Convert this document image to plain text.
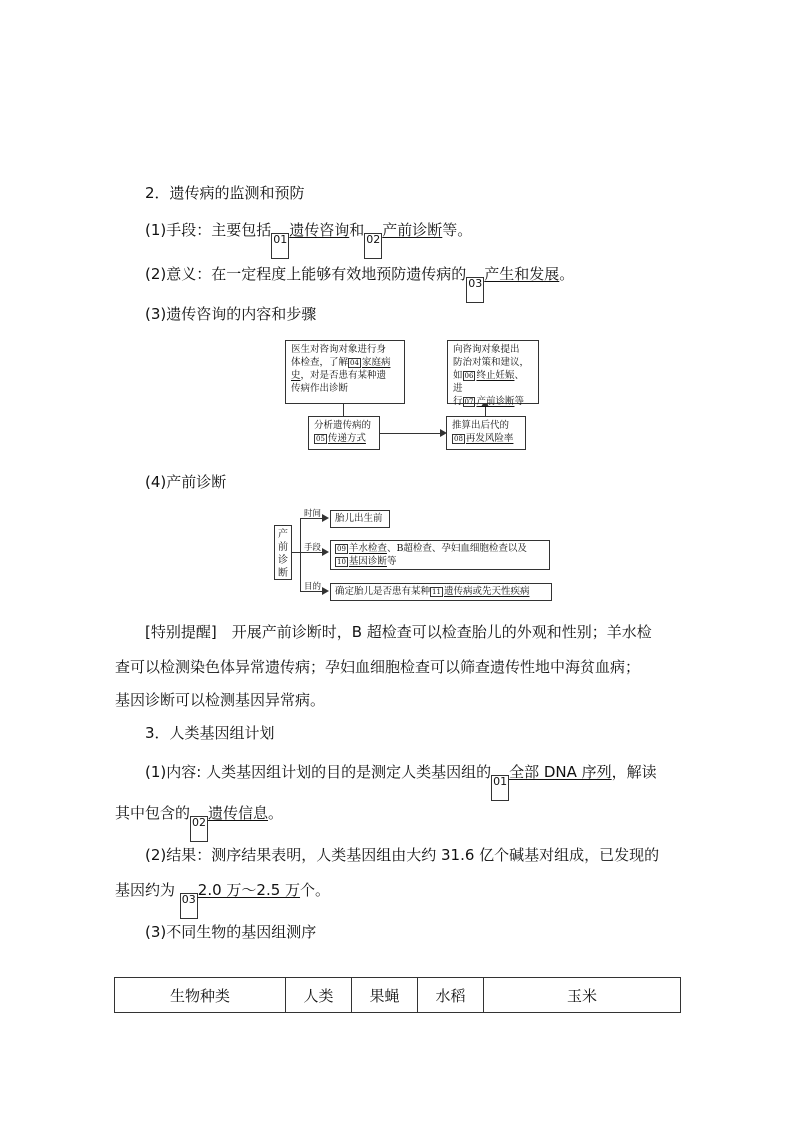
2．遗传病的监测和预防
(1)手段：主要包括01遗传咨询和02产前诊断等。
(2)意义：在一定程度上能够有效地预防遗传病的03产生和发展。
(3)遗传咨询的内容和步骤
医生对咨询对象进行身
体检查，了解 04 家庭病
史，对是否患有某种遗
传病作出诊断
分析遗传病的
05 传递方式
推算出后代的
08 再发风险率
向咨询对象提出
防治对策和建议，
如 06 终止妊娠、进
行 07 产前诊断等
(4)产前诊断
产前诊断
时间	胎儿出生前
手段 09 羊水检查、B超检查、孕妇血细胞检查以及
10 基因诊断等
目的	确定胎儿是否患有某种 11 遗传病或先天性疾病
[特别提醒]　开展产前诊断时，B 超检查可以检查胎儿的外观和性别；羊水检
查可以检测染色体异常遗传病；孕妇血细胞检查可以筛查遗传性地中海贫血病；
基因诊断可以检测基因异常病。
3．人类基因组计划
(1)内容: 人类基因组计划的目的是测定人类基因组的01全部 DNA 序列，解读
其中包含的02遗传信息。
(2)结果：测序结果表明，人类基因组由大约 31.6 亿个碱基对组成，已发现的
基因约为 032.0 万～2.5 万个。
(3)不同生物的基因组测序
生物种类	人类	果蝇	水稻	玉米
